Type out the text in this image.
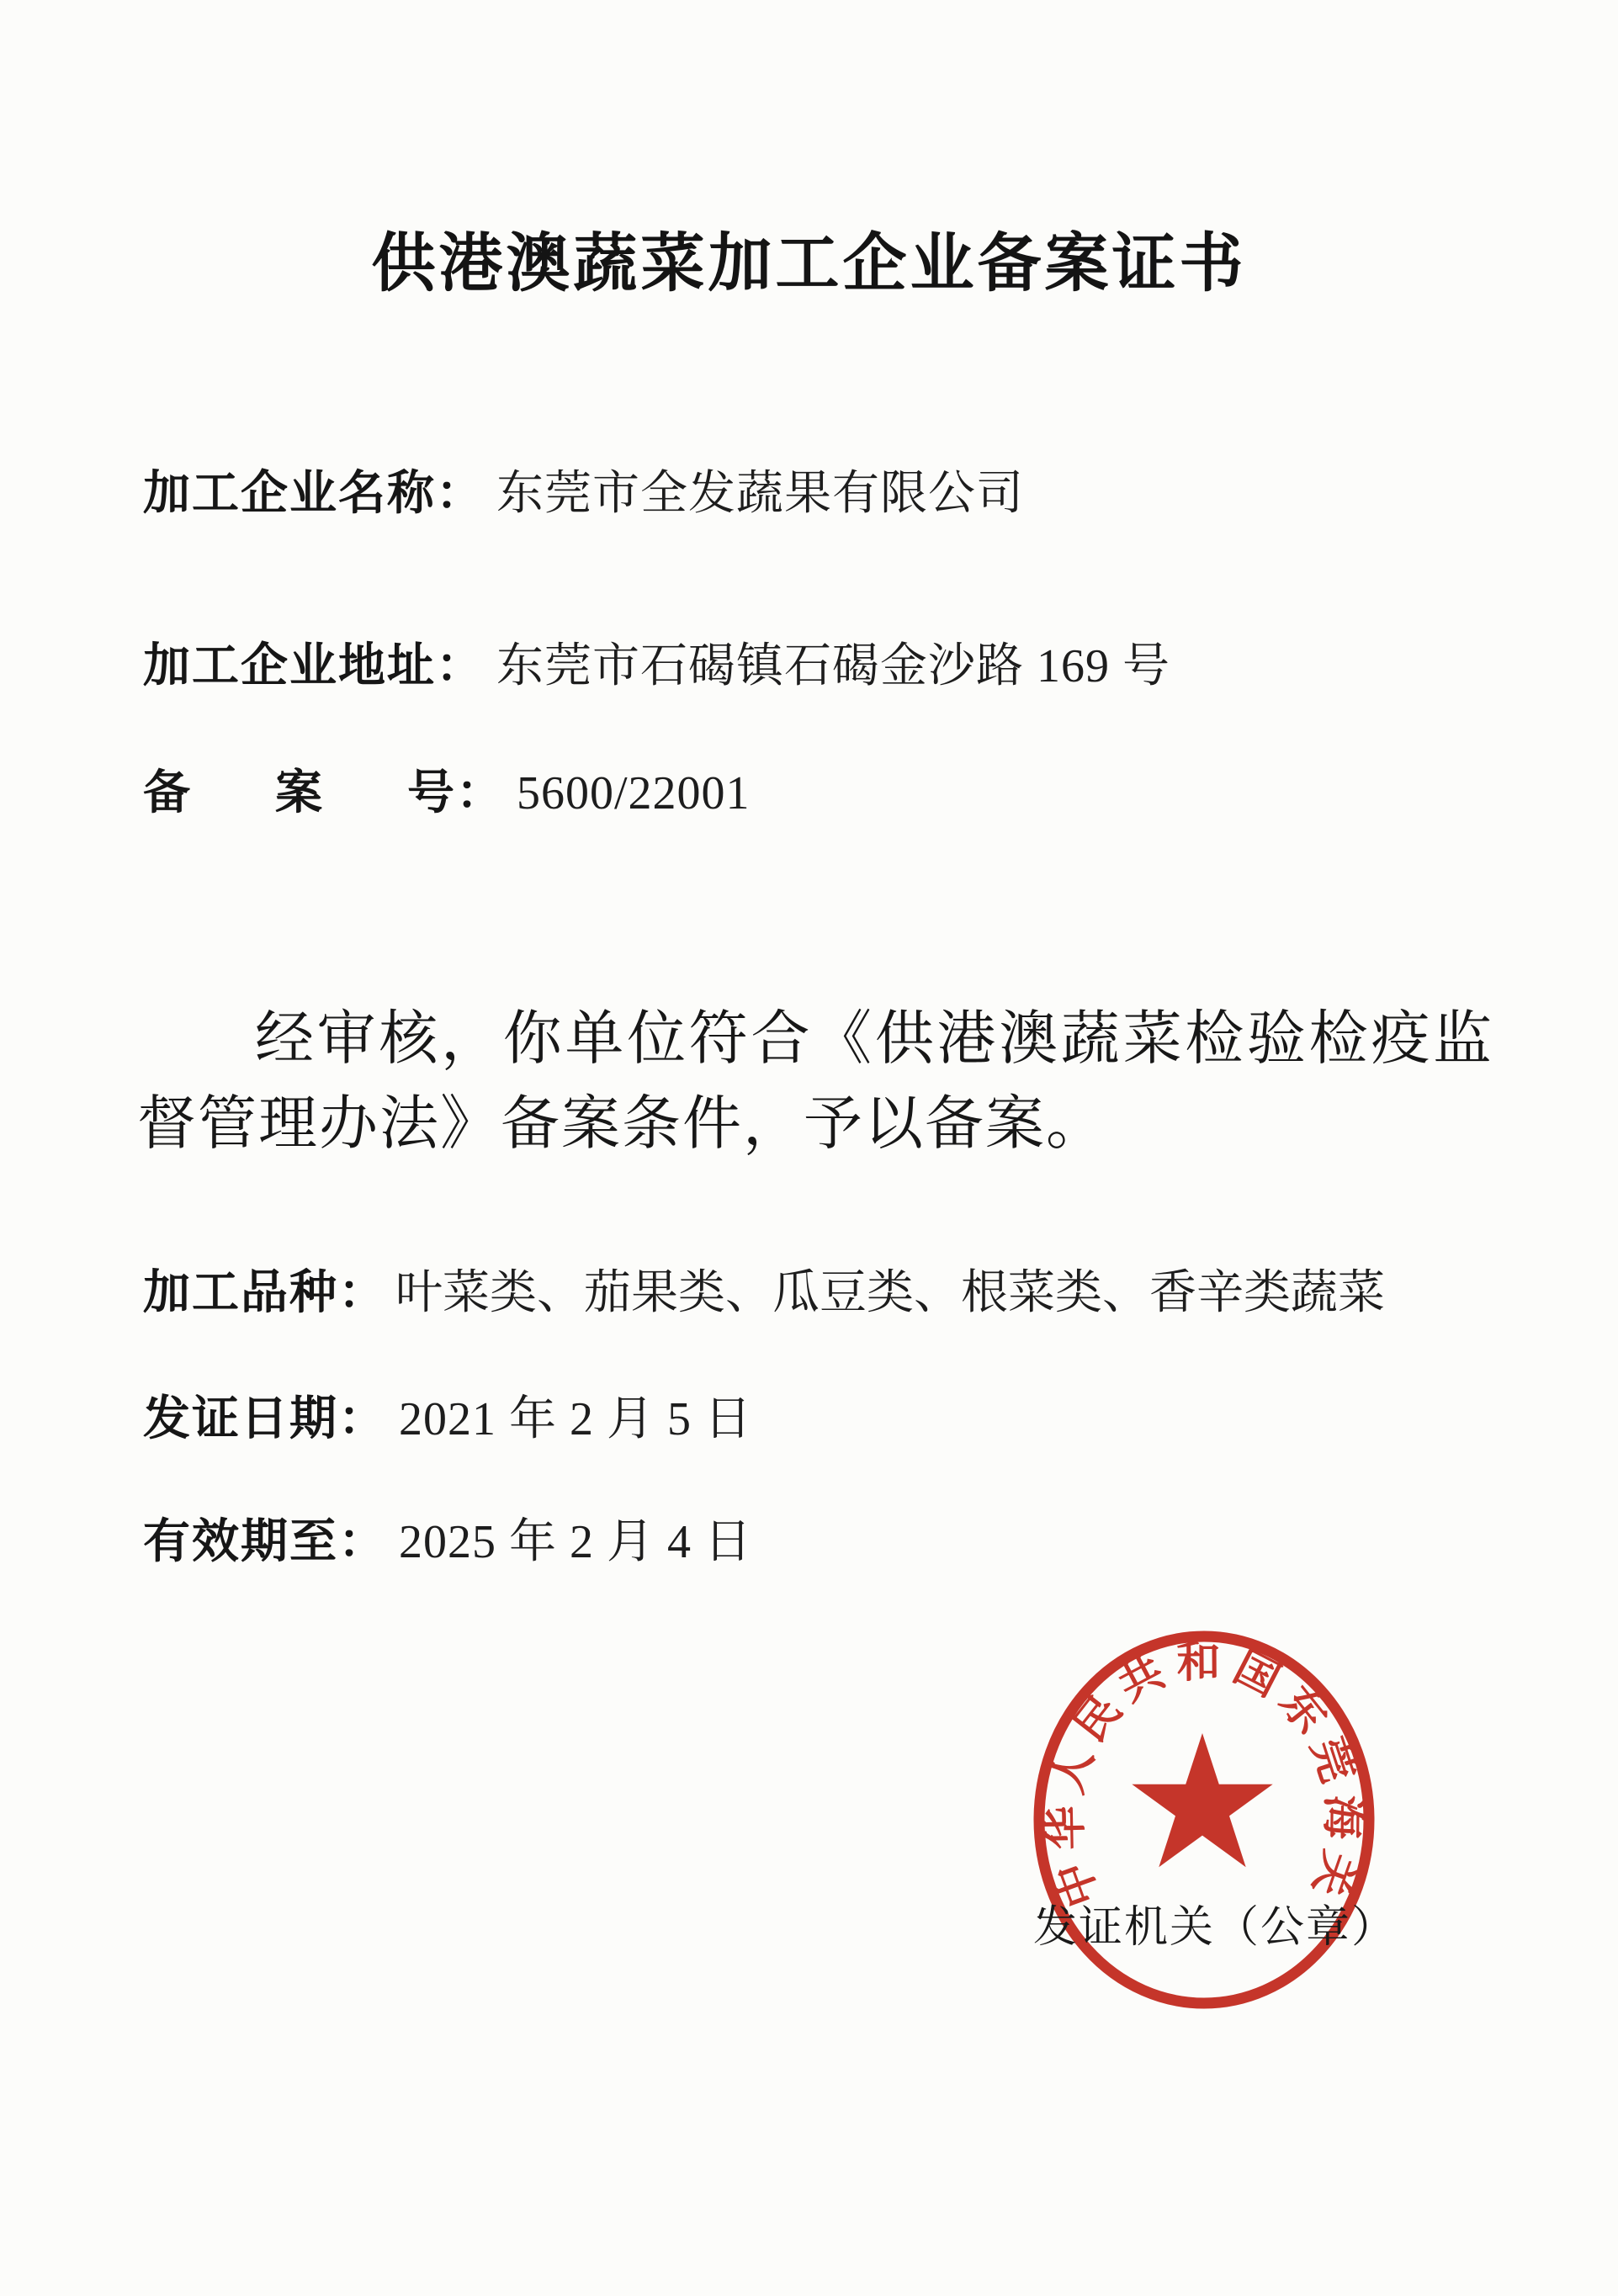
供港澳蔬菜加工企业备案证书
加工企业名称： 东莞市全发蔬果有限公司
加工企业地址： 东莞市石碣镇石碣金沙路 169 号
备案号： 5600/22001

经审核，你单位符合《供港澳蔬菜检验检疫监督管理办法》备案条件，予以备案。

加工品种： 叶菜类、茄果类、瓜豆类、根菜类、香辛类蔬菜
发证日期： 2021 年 2 月 5 日
有效期至： 2025 年 2 月 4 日
中华人民共和国东莞海关
发证机关（公章）
